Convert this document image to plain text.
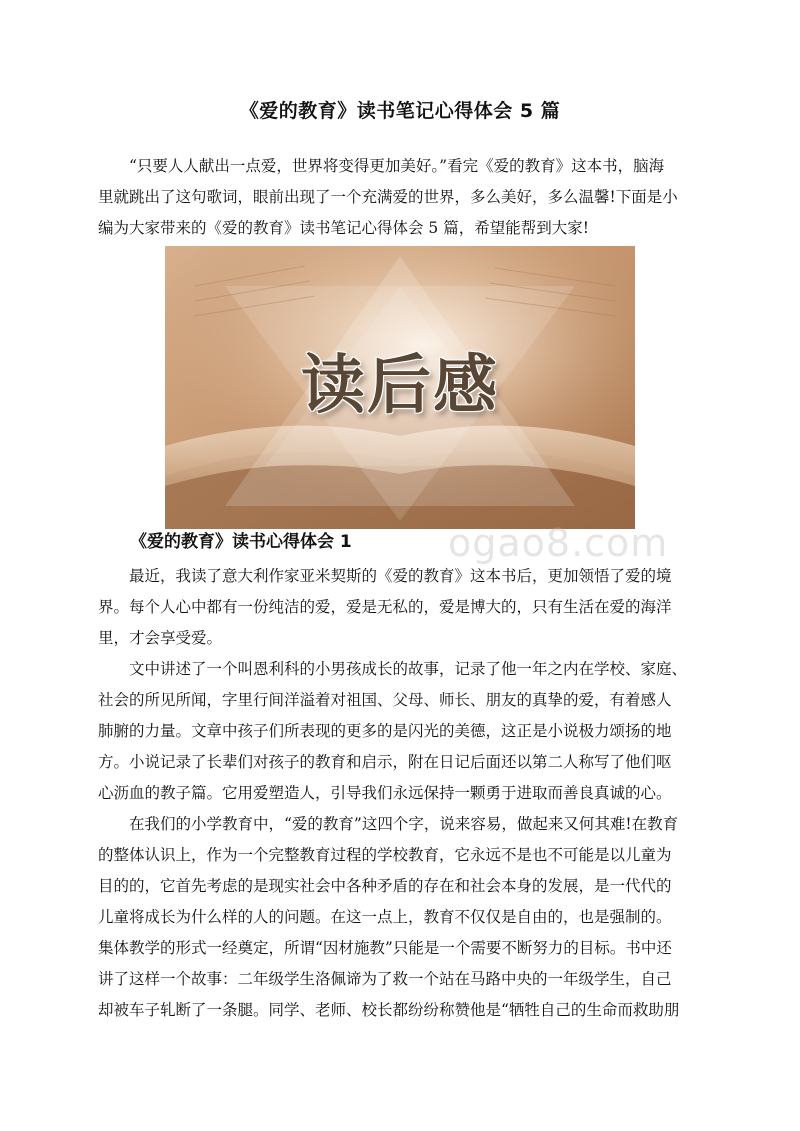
《爱的教育》读书笔记心得体会 5 篇

“只要人人献出一点爱，世界将变得更加美好。”看完《爱的教育》这本书，脑海
里就跳出了这句歌词，眼前出现了一个充满爱的世界，多么美好，多么温馨!下面是小
编为大家带来的《爱的教育》读书笔记心得体会 5 篇，希望能帮到大家!

读后感
ogao8.com
《爱的教育》读书心得体会 1

最近，我读了意大利作家亚米契斯的《爱的教育》这本书后，更加领悟了爱的境
界。每个人心中都有一份纯洁的爱，爱是无私的，爱是博大的，只有生活在爱的海洋
里，才会享受爱。

文中讲述了一个叫恩利科的小男孩成长的故事，记录了他一年之内在学校、家庭、
社会的所见所闻，字里行间洋溢着对祖国、父母、师长、朋友的真挚的爱，有着感人
肺腑的力量。文章中孩子们所表现的更多的是闪光的美德，这正是小说极力颂扬的地
方。小说记录了长辈们对孩子的教育和启示，附在日记后面还以第二人称写了他们呕
心沥血的教子篇。它用爱塑造人，引导我们永远保持一颗勇于进取而善良真诚的心。

在我们的小学教育中，“爱的教育”这四个字，说来容易，做起来又何其难!在教育
的整体认识上，作为一个完整教育过程的学校教育，它永远不是也不可能是以儿童为
目的的，它首先考虑的是现实社会中各种矛盾的存在和社会本身的发展，是一代代的
儿童将成长为什么样的人的问题。在这一点上，教育不仅仅是自由的，也是强制的。
集体教学的形式一经奠定，所谓“因材施教”只能是一个需要不断努力的目标。书中还
讲了这样一个故事：二年级学生洛佩谛为了救一个站在马路中央的一年级学生，自己
却被车子轧断了一条腿。同学、老师、校长都纷纷称赞他是“牺牲自己的生命而救助朋
